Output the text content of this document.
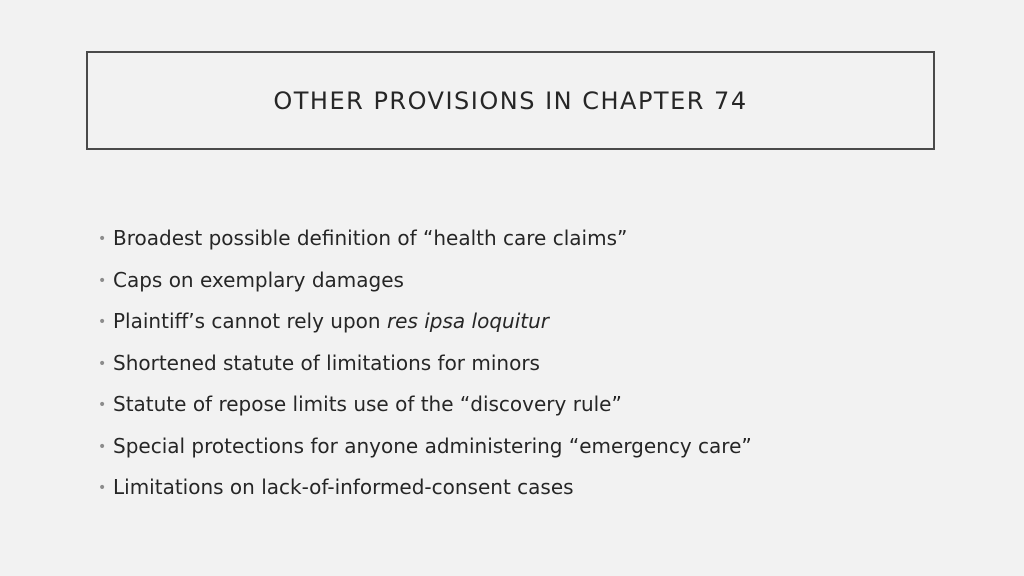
OTHER PROVISIONS IN CHAPTER 74
• Broadest possible definition of “health care claims”
• Caps on exemplary damages
• Plaintiff’s cannot rely upon res ipsa loquitur
• Shortened statute of limitations for minors
• Statute of repose limits use of the “discovery rule”
• Special protections for anyone administering “emergency care”
• Limitations on lack-of-informed-consent cases
